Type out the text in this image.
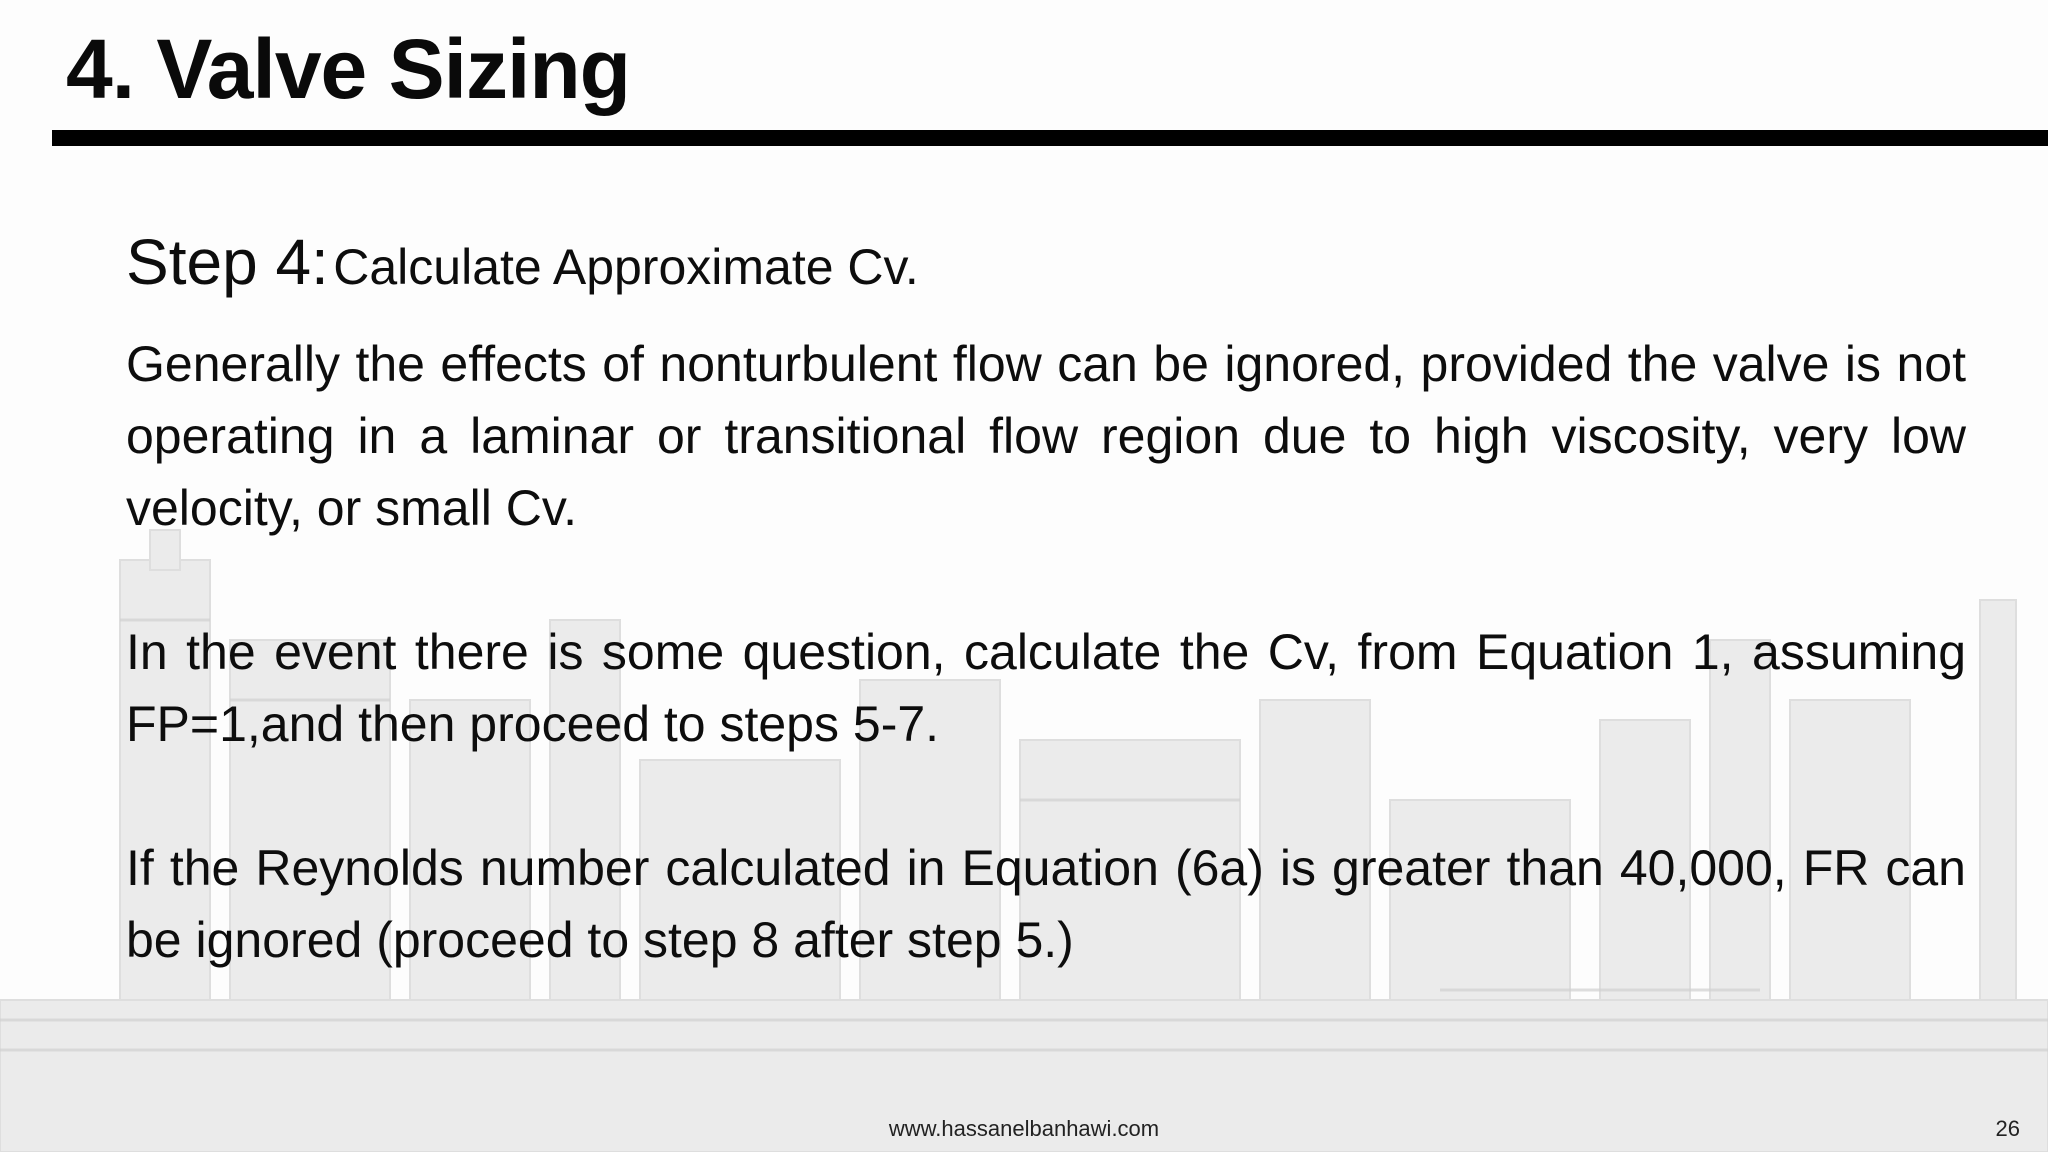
4. Valve Sizing

Step 4: Calculate Approximate Cv.

Generally the effects of nonturbulent flow can be ignored, provided the valve is not operating in a laminar or transitional flow region due to high viscosity, very low velocity, or small Cv.

In the event there is some question, calculate the Cv, from Equation 1, assuming FP=1,and then proceed to steps 5-7.

If the Reynolds number calculated in Equation (6a) is greater than 40,000, FR can be ignored (proceed to step 8 after step 5.)

www.hassanelbanhawi.com	26
